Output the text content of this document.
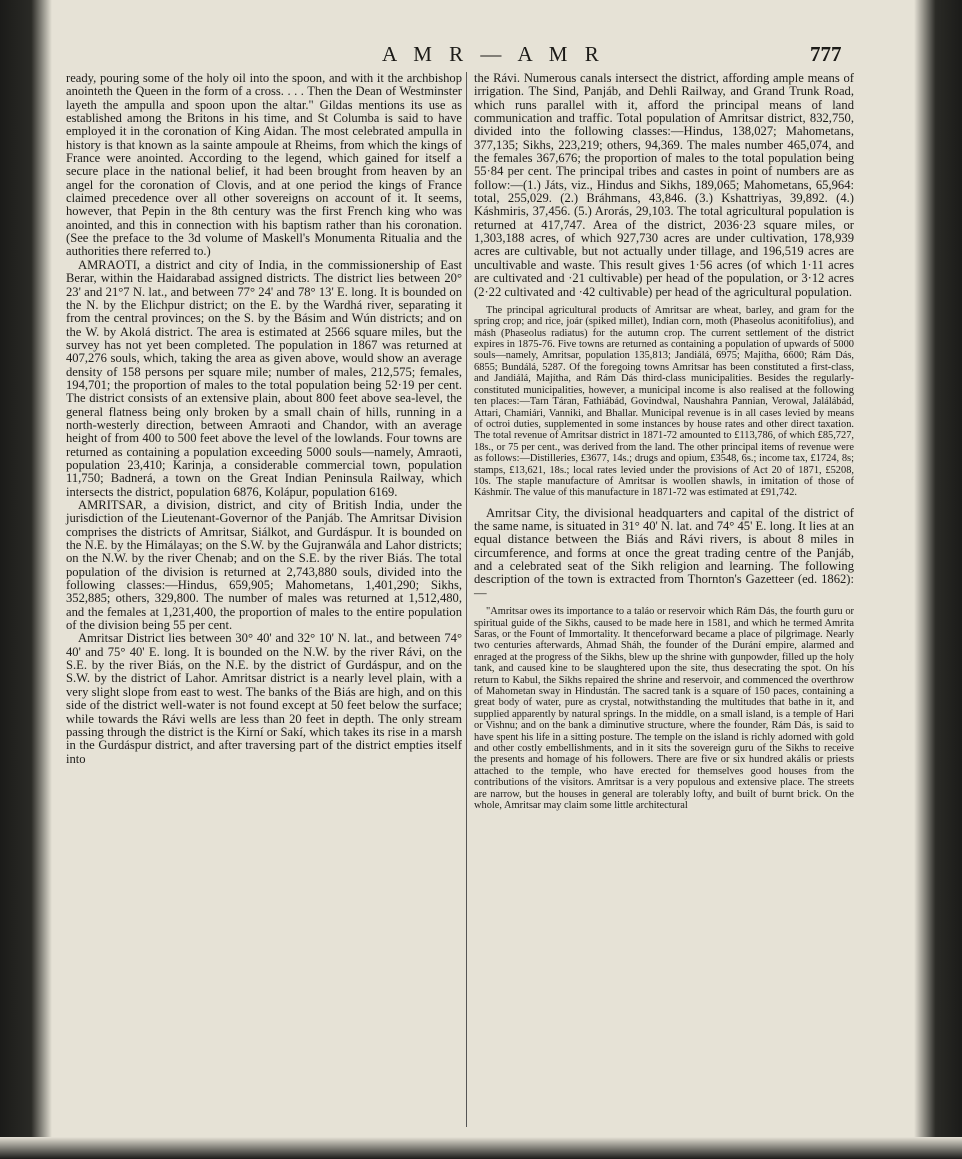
A M R — A M R	777

ready, pouring some of the holy oil into the spoon, and with it the archbishop anointeth the Queen in the form of a cross. . . . Then the Dean of Westminster layeth the ampulla and spoon upon the altar." Gildas mentions its use as established among the Britons in his time, and St Columba is said to have employed it in the coronation of King Aidan. The most celebrated ampulla in history is that known as la sainte ampoule at Rheims, from which the kings of France were anointed. According to the legend, which gained for itself a secure place in the national belief, it had been brought from heaven by an angel for the coronation of Clovis, and at one period the kings of France claimed precedence over all other sovereigns on account of it. It seems, however, that Pepin in the 8th century was the first French king who was anointed, and this in connection with his baptism rather than his coronation. (See the preface to the 3d volume of Maskell's Monumenta Ritualia and the authorities there referred to.)

AMRAOTI, a district and city of India, in the commissionership of East Berar, within the Haidarabad assigned districts. The district lies between 20° 23' and 21°7 N. lat., and between 77° 24' and 78° 13' E. long. It is bounded on the N. by the Elichpur district; on the E. by the Wardhá river, separating it from the central provinces; on the S. by the Básim and Wún districts; and on the W. by Akolá district. The area is estimated at 2566 square miles, but the survey has not yet been completed. The population in 1867 was returned at 407,276 souls, which, taking the area as given above, would show an average density of 158 persons per square mile; number of males, 212,575; females, 194,701; the proportion of males to the total population being 52·19 per cent. The district consists of an extensive plain, about 800 feet above sea-level, the general flatness being only broken by a small chain of hills, running in a north-westerly direction, between Amraoti and Chandor, with an average height of from 400 to 500 feet above the level of the lowlands. Four towns are returned as containing a population exceeding 5000 souls—namely, Amraoti, population 23,410; Karinja, a considerable commercial town, population 11,750; Badnerá, a town on the Great Indian Peninsula Railway, which intersects the district, population 6876, Kolápur, population 6169.

AMRITSAR, a division, district, and city of British India, under the jurisdiction of the Lieutenant-Governor of the Panjáb. The Amritsar Division comprises the districts of Amritsar, Siálkot, and Gurdáspur. It is bounded on the N.E. by the Himálayas; on the S.W. by the Gujranwála and Lahor districts; on the N.W. by the river Chenab; and on the S.E. by the river Biás. The total population of the division is returned at 2,743,880 souls, divided into the following classes:—Hindus, 659,905; Mahometans, 1,401,290; Sikhs, 352,885; others, 329,800. The number of males was returned at 1,512,480, and the females at 1,231,400, the proportion of males to the entire population of the division being 55 per cent.

Amritsar District lies between 30° 40' and 32° 10' N. lat., and between 74° 40' and 75° 40' E. long. It is bounded on the N.W. by the river Rávi, on the S.E. by the river Biás, on the N.E. by the district of Gurdáspur, and on the S.W. by the district of Lahor. Amritsar district is a nearly level plain, with a very slight slope from east to west. The banks of the Biás are high, and on this side of the district well-water is not found except at 50 feet below the surface; while towards the Rávi wells are less than 20 feet in depth. The only stream passing through the district is the Kirní or Sakí, which takes its rise in a marsh in the Gurdáspur district, and after traversing part of the district empties itself into

the Rávi. Numerous canals intersect the district, affording ample means of irrigation. The Sind, Panjáb, and Dehli Railway, and Grand Trunk Road, which runs parallel with it, afford the principal means of land communication and traffic. Total population of Amritsar district, 832,750, divided into the following classes:—Hindus, 138,027; Mahometans, 377,135; Sikhs, 223,219; others, 94,369. The males number 465,074, and the females 367,676; the proportion of males to the total population being 55·84 per cent. The principal tribes and castes in point of numbers are as follow:—(1.) Játs, viz., Hindus and Sikhs, 189,065; Mahometans, 65,964: total, 255,029. (2.) Bráhmans, 43,846. (3.) Kshattriyas, 39,892. (4.) Káshmiris, 37,456. (5.) Arorás, 29,103. The total agricultural population is returned at 417,747. Area of the district, 2036·23 square miles, or 1,303,188 acres, of which 927,730 acres are under cultivation, 178,939 acres are cultivable, but not actually under tillage, and 196,519 acres are uncultivable and waste. This result gives 1·56 acres (of which 1·11 acres are cultivated and ·21 cultivable) per head of the population, or 3·12 acres (2·22 cultivated and ·42 cultivable) per head of the agricultural population.

The principal agricultural products of Amritsar are wheat, barley, and gram for the spring crop; and rice, joár (spiked millet), Indian corn, moth (Phaseolus aconitifolius), and másh (Phaseolus radiatus) for the autumn crop. The current settlement of the district expires in 1875-76. Five towns are returned as containing a population of upwards of 5000 souls—namely, Amritsar, population 135,813; Jandiálá, 6975; Majítha, 6600; Rám Dás, 6855; Bundálá, 5287. Of the foregoing towns Amritsar has been constituted a first-class, and Jandiálá, Majítha, and Rám Dás third-class municipalities. Besides the regularly-constituted municipalities, however, a municipal income is also realised at the following ten places:—Tarn Táran, Fathiábád, Govindwal, Naushahra Pannian, Verowal, Jalálábád, Attari, Chamiári, Vanniki, and Bhallar. Municipal revenue is in all cases levied by means of octroi duties, supplemented in some instances by house rates and other direct taxation. The total revenue of Amritsar district in 1871-72 amounted to £113,786, of which £85,727, 18s., or 75 per cent., was derived from the land. The other principal items of revenue were as follows:—Distilleries, £3677, 14s.; drugs and opium, £3548, 6s.; income tax, £1724, 8s; stamps, £13,621, 18s.; local rates levied under the provisions of Act 20 of 1871, £5208, 10s. The staple manufacture of Amritsar is woollen shawls, in imitation of those of Káshmír. The value of this manufacture in 1871-72 was estimated at £91,742.

Amritsar City, the divisional headquarters and capital of the district of the same name, is situated in 31° 40' N. lat. and 74° 45' E. long. It lies at an equal distance between the Biás and Rávi rivers, is about 8 miles in circumference, and forms at once the great trading centre of the Panjáb, and a celebrated seat of the Sikh religion and learning. The following description of the town is extracted from Thornton's Gazetteer (ed. 1862):—

"Amritsar owes its importance to a taláo or reservoir which Rám Dás, the fourth guru or spiritual guide of the Sikhs, caused to be made here in 1581, and which he termed Amrita Saras, or the Fount of Immortality. It thenceforward became a place of pilgrimage. Nearly two centuries afterwards, Ahmad Sháh, the founder of the Durání empire, alarmed and enraged at the progress of the Sikhs, blew up the shrine with gunpowder, filled up the holy tank, and caused kine to be slaughtered upon the site, thus desecrating the spot. On his return to Kabul, the Sikhs repaired the shrine and reservoir, and commenced the overthrow of Mahometan sway in Hindustán. The sacred tank is a square of 150 paces, containing a great body of water, pure as crystal, notwithstanding the multitudes that bathe in it, and supplied apparently by natural springs. In the middle, on a small island, is a temple of Hari or Vishnu; and on the bank a diminutive structure, where the founder, Rám Dás, is said to have spent his life in a sitting posture. The temple on the island is richly adorned with gold and other costly embellishments, and in it sits the sovereign guru of the Sikhs to receive the presents and homage of his followers. There are five or six hundred akális or priests attached to the temple, who have erected for themselves good houses from the contributions of the visitors. Amritsar is a very populous and extensive place. The streets are narrow, but the houses in general are tolerably lofty, and built of burnt brick. On the whole, Amritsar may claim some little architectural
